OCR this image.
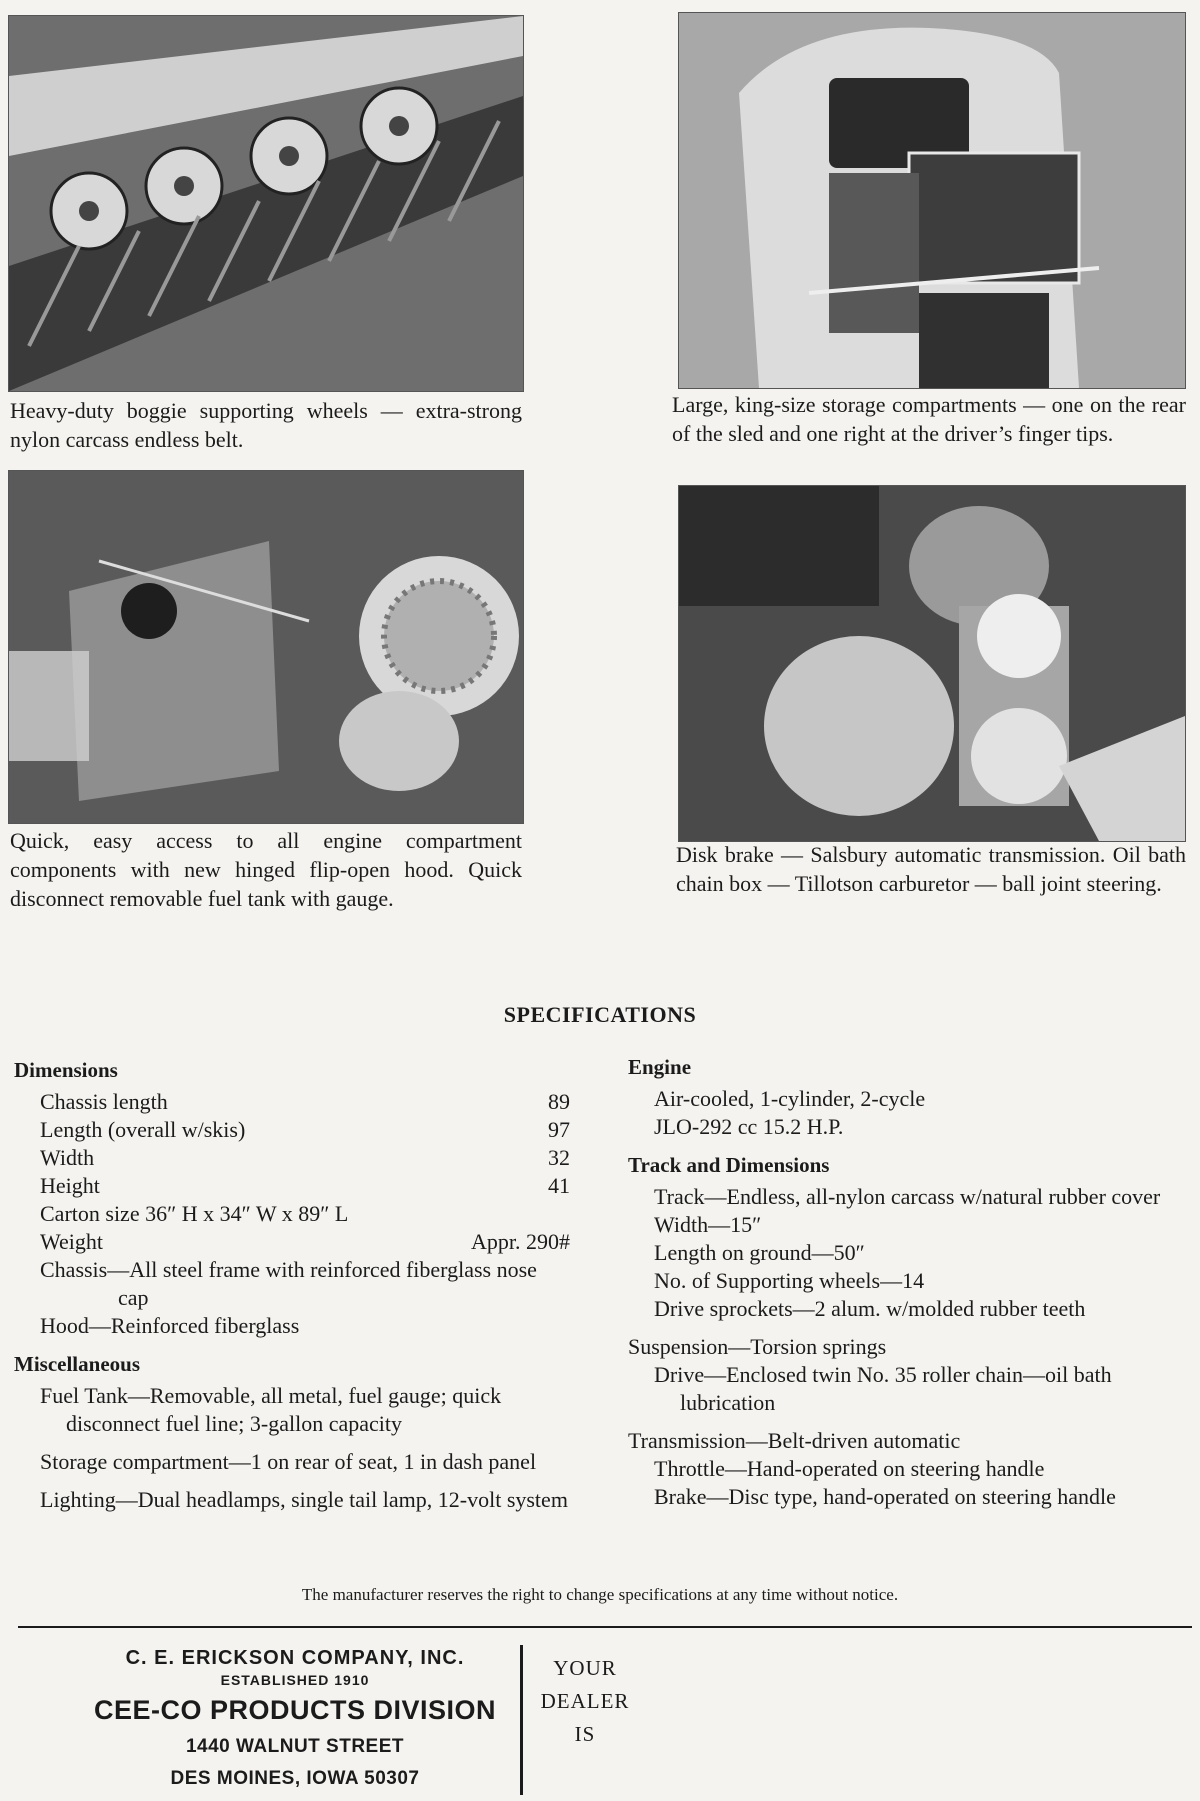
Heavy-duty boggie supporting wheels — extra-strong nylon carcass endless belt.
Large, king-size storage compartments — one on the rear of the sled and one right at the driver’s finger tips.
Quick, easy access to all engine compartment components with new hinged flip-open hood. Quick disconnect removable fuel tank with gauge.
Disk brake — Salsbury automatic transmission. Oil bath chain box — Tillotson carburetor — ball joint steering.
SPECIFICATIONS
Dimensions
Chassis length	89
Length (overall w/skis)	97
Width	32
Height	41
Carton size 36″ H x 34″ W x 89″ L
Weight	Appr. 290#
Chassis—All steel frame with reinforced fiberglass nose cap
Hood—Reinforced fiberglass
Miscellaneous
Fuel Tank—Removable, all metal, fuel gauge; quick disconnect fuel line; 3-gallon capacity
Storage compartment—1 on rear of seat, 1 in dash panel
Lighting—Dual headlamps, single tail lamp, 12-volt system
Engine
Air-cooled, 1-cylinder, 2-cycle
JLO-292 cc 15.2 H.P.
Track and Dimensions
Track—Endless, all-nylon carcass w/natural rubber cover
Width—15″
Length on ground—50″
No. of Supporting wheels—14
Drive sprockets—2 alum. w/molded rubber teeth
Suspension—Torsion springs
Drive—Enclosed twin No. 35 roller chain—oil bath lubrication
Transmission—Belt-driven automatic
Throttle—Hand-operated on steering handle
Brake—Disc type, hand-operated on steering handle
The manufacturer reserves the right to change specifications at any time without notice.
C. E. ERICKSON COMPANY, INC.
ESTABLISHED 1910
CEE-CO PRODUCTS DIVISION
1440 WALNUT STREET
DES MOINES, IOWA 50307
YOUR
DEALER
IS
